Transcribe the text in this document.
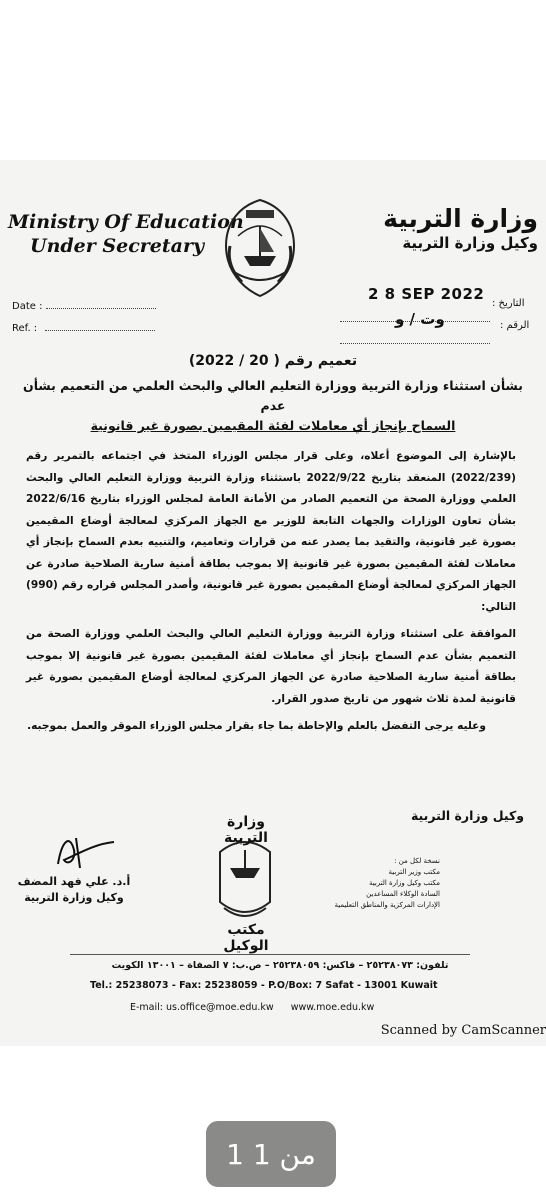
Ministry Of Education
Under Secretary
وزارة التربية
وكيل وزارة التربية
Date :
Ref. :
التاريخ :
الرقم :
2 8 SEP 2022
وت / و
تعميم رقم ( 20 / 2022)
بشأن استثناء وزارة التربية ووزارة التعليم العالي والبحث العلمي من التعميم بشأن عدم
السماح بإنجاز أي معاملات لفئة المقيمين بصورة غير قانونية

بالإشارة إلى الموضوع أعلاه، وعلى قرار مجلس الوزراء المتخذ في اجتماعه بالتمرير رقم (2022/239) المنعقد بتاريخ 2022/9/22 باستثناء وزارة التربية ووزارة التعليم العالي والبحث العلمي ووزارة الصحة من التعميم الصادر من الأمانة العامة لمجلس الوزراء بتاريخ 2022/6/16 بشأن تعاون الوزارات والجهات التابعة للوزير مع الجهاز المركزي لمعالجة أوضاع المقيمين بصورة غير قانونية، والتقيد بما يصدر عنه من قرارات وتعاميم، والتنبيه بعدم السماح بإنجاز أي معاملات لفئة المقيمين بصورة غير قانونية إلا بموجب بطاقة أمنية سارية الصلاحية صادرة عن الجهاز المركزي لمعالجة أوضاع المقيمين بصورة غير قانونية، وأصدر المجلس قراره رقم (990) التالي:

الموافقة على استثناء وزارة التربية ووزارة التعليم العالي والبحث العلمي ووزارة الصحة من التعميم بشأن عدم السماح بإنجاز أي معاملات لفئة المقيمين بصورة غير قانونية إلا بموجب بطاقة أمنية سارية الصلاحية صادرة عن الجهاز المركزي لمعالجة أوضاع المقيمين بصورة غير قانونية لمدة ثلاث شهور من تاريخ صدور القرار.

وعليه يرجى التفضل بالعلم والإحاطة بما جاء بقرار مجلس الوزراء الموقر والعمل بموجبه.

وكيل وزارة التربية
نسخة لكل من :
مكتب وزير التربية
مكتب وكيل وزارة التربية
السادة الوكلاء المساعدين
الإدارات المركزية والمناطق التعليمية
وزارة التربية
مكتب الوكيل
أ.د. علي فهد المضف
وكيل وزارة التربية
تلفون: ٢٥٢٣٨٠٧٣ – فاكس: ٢٥٢٣٨٠٥٩ – ص.ب: ٧ الصفاة – ١٣٠٠١ الكويت
Tel.: 25238073 - Fax: 25238059 - P.O/Box: 7 Safat - 13001 Kuwait
E-mail: us.office@moe.edu.kw www.moe.edu.kw
Scanned by CamScanner
1 من 1
